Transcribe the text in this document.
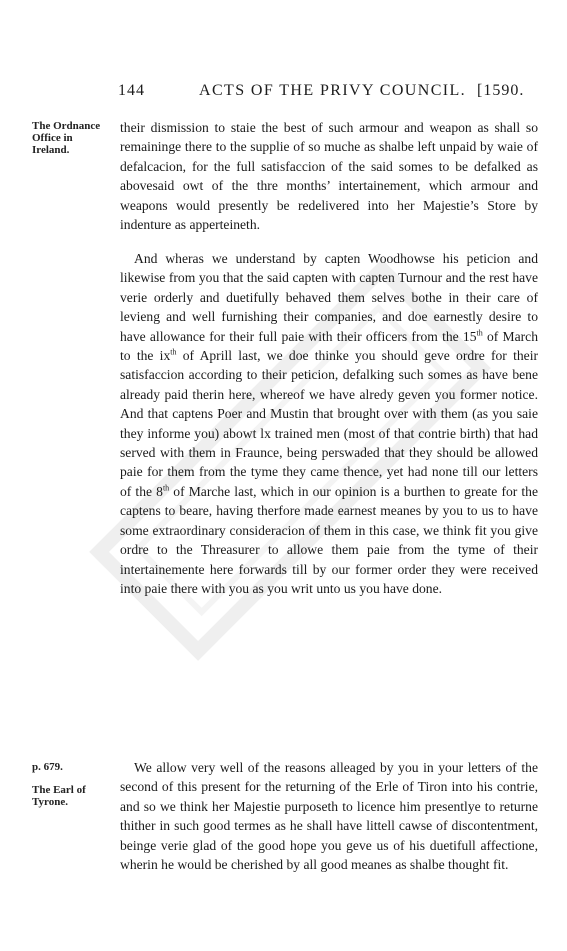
144	ACTS OF THE PRIVY COUNCIL. [1590.
The Ordnance Office in Ireland.
p. 679.
The Earl of Tyrone.

their dismission to staie the best of such armour and weapon as shall so remaininge there to the supplie of so muche as shalbe left unpaid by waie of defalcacion, for the full satisfaccion of the said somes to be defalked as abovesaid owt of the thre months’ intertainement, which armour and weapons would presently be redelivered into her Majestie’s Store by indenture as apperteineth.

And wheras we understand by capten Woodhowse his peticion and likewise from you that the said capten with capten Turnour and the rest have verie orderly and duetifully behaved them selves bothe in their care of levieng and well furnishing their companies, and doe earnestly desire to have allowance for their full paie with their officers from the 15th of March to the $ix^{th}$ of Aprill last, we doe thinke you should geve ordre for their satisfaccion according to their peticion, defalking such somes as have bene already paid therin here, whereof we have alredy geven you former notice. And that captens Poer and Mustin that brought over with them (as you saie they informe you) abowt lx trained men (most of that contrie birth) that had served with them in Fraunce, being perswaded that they should be allowed paie for them from the tyme they came thence, yet had none till our letters of the 8th of Marche last, which in our opinion is a burthen to greate for the captens to beare, having therfore made earnest meanes by you to us to have some extraordinary consideracion of them in this case, we think fit you give ordre to the Threasurer to allowe them paie from the tyme of their intertainemente here forwards till by our former order they were received into paie there with you as you writ unto us you have done.

We allow very well of the reasons alleaged by you in your letters of the second of this present for the returning of the Erle of Tiron into his contrie, and so we think her Majestie purposeth to licence him presentlye to returne thither in such good termes as he shall have littell cawse of discontentment, beinge verie glad of the good hope you geve us of his duetifull affectione, wherin he would be cherished by all good meanes as shalbe thought fit.
